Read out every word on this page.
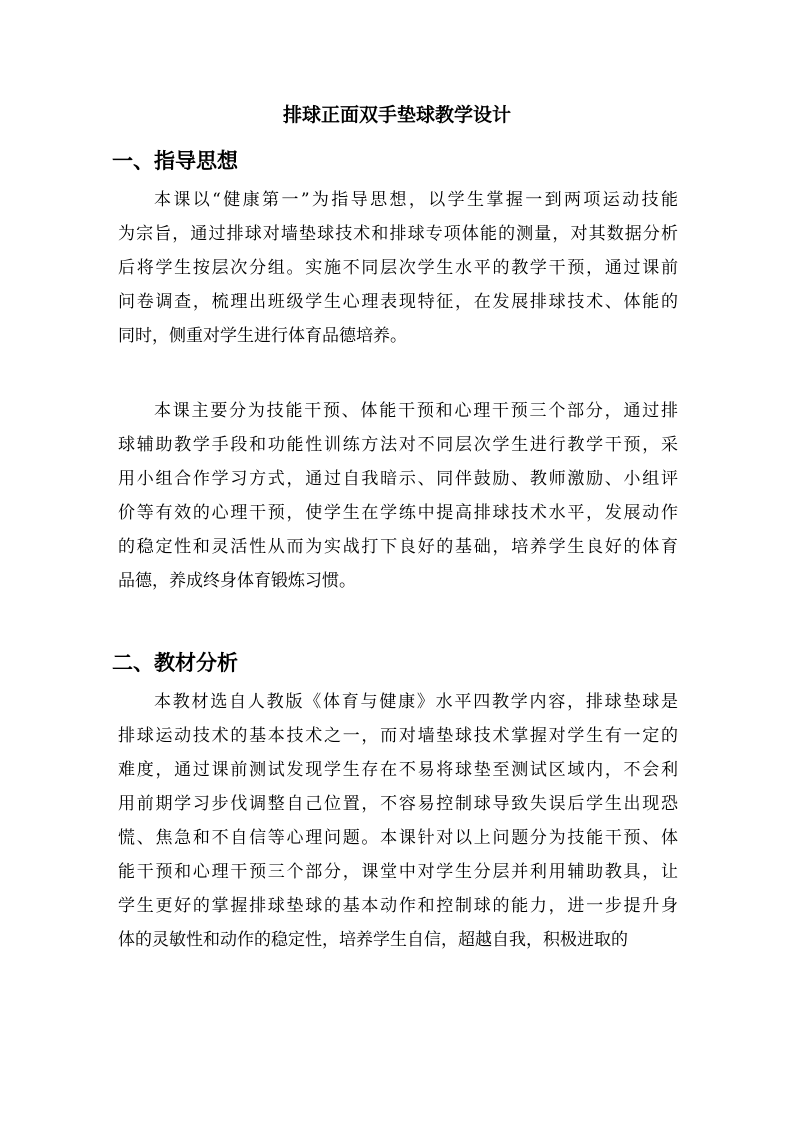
排球正面双手垫球教学设计
一、指导思想
本课以“健康第一”为指导思想，以学生掌握一到两项运动技能
为宗旨，通过排球对墙垫球技术和排球专项体能的测量，对其数据分析
后将学生按层次分组。实施不同层次学生水平的教学干预，通过课前
问卷调查，梳理出班级学生心理表现特征，在发展排球技术、体能的
同时，侧重对学生进行体育品德培养。
本课主要分为技能干预、体能干预和心理干预三个部分，通过排
球辅助教学手段和功能性训练方法对不同层次学生进行教学干预，采
用小组合作学习方式，通过自我暗示、同伴鼓励、教师激励、小组评
价等有效的心理干预，使学生在学练中提高排球技术水平，发展动作
的稳定性和灵活性从而为实战打下良好的基础，培养学生良好的体育
品德，养成终身体育锻炼习惯。
二、教材分析
本教材选自人教版《体育与健康》水平四教学内容，排球垫球是
排球运动技术的基本技术之一，而对墙垫球技术掌握对学生有一定的
难度，通过课前测试发现学生存在不易将球垫至测试区域内，不会利
用前期学习步伐调整自己位置，不容易控制球导致失误后学生出现恐
慌、焦急和不自信等心理问题。本课针对以上问题分为技能干预、体
能干预和心理干预三个部分，课堂中对学生分层并利用辅助教具，让
学生更好的掌握排球垫球的基本动作和控制球的能力，进一步提升身
体的灵敏性和动作的稳定性，培养学生自信，超越自我，积极进取的
